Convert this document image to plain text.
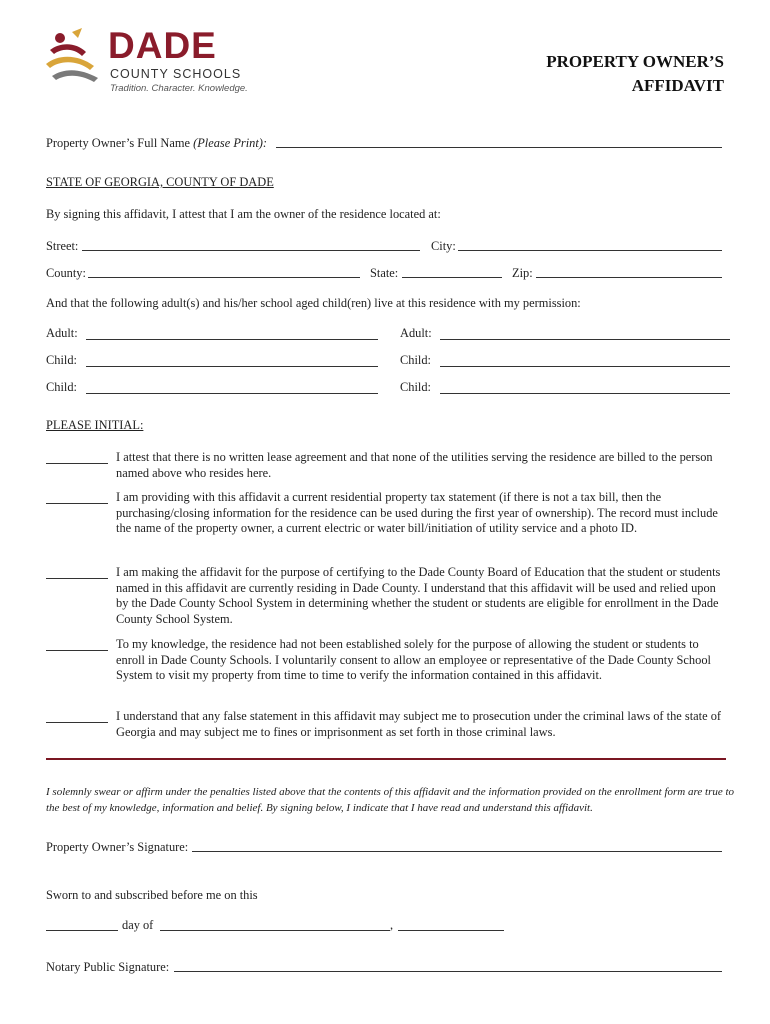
DADE
COUNTY SCHOOLS
Tradition. Character. Knowledge.
PROPERTY OWNER’S
AFFIDAVIT
Property Owner’s Full Name (Please Print):
STATE OF GEORGIA, COUNTY OF DADE
By signing this affidavit, I attest that I am the owner of the residence located at:
Street:	City:
County:	State:	Zip:
And that the following adult(s) and his/her school aged child(ren) live at this residence with my permission:
Adult:	Adult:
Child:	Child:
Child:	Child:
PLEASE INITIAL:
I attest that there is no written lease agreement and that none of the utilities serving the residence are billed to the person named above who resides here.
I am providing with this affidavit a current residential property tax statement (if there is not a tax bill, then the purchasing/closing information for the residence can be used during the first year of ownership). The record must include the name of the property owner, a current electric or water bill/initiation of utility service and a photo ID.
I am making the affidavit for the purpose of certifying to the Dade County Board of Education that the student or students named in this affidavit are currently residing in Dade County. I understand that this affidavit will be used and relied upon by the Dade County School System in determining whether the student or students are eligible for enrollment in the Dade County School System.
To my knowledge, the residence had not been established solely for the purpose of allowing the student or students to enroll in Dade County Schools. I voluntarily consent to allow an employee or representative of the Dade County School System to visit my property from time to time to verify the information contained in this affidavit.
I understand that any false statement in this affidavit may subject me to prosecution under the criminal laws of the state of Georgia and may subject me to fines or imprisonment as set forth in those criminal laws.
I solemnly swear or affirm under the penalties listed above that the contents of this affidavit and the information provided on the enrollment form are true to the best of my knowledge, information and belief. By signing below, I indicate that I have read and understand this affidavit.
Property Owner’s Signature:
Sworn to and subscribed before me on this
day of	,
Notary Public Signature:
